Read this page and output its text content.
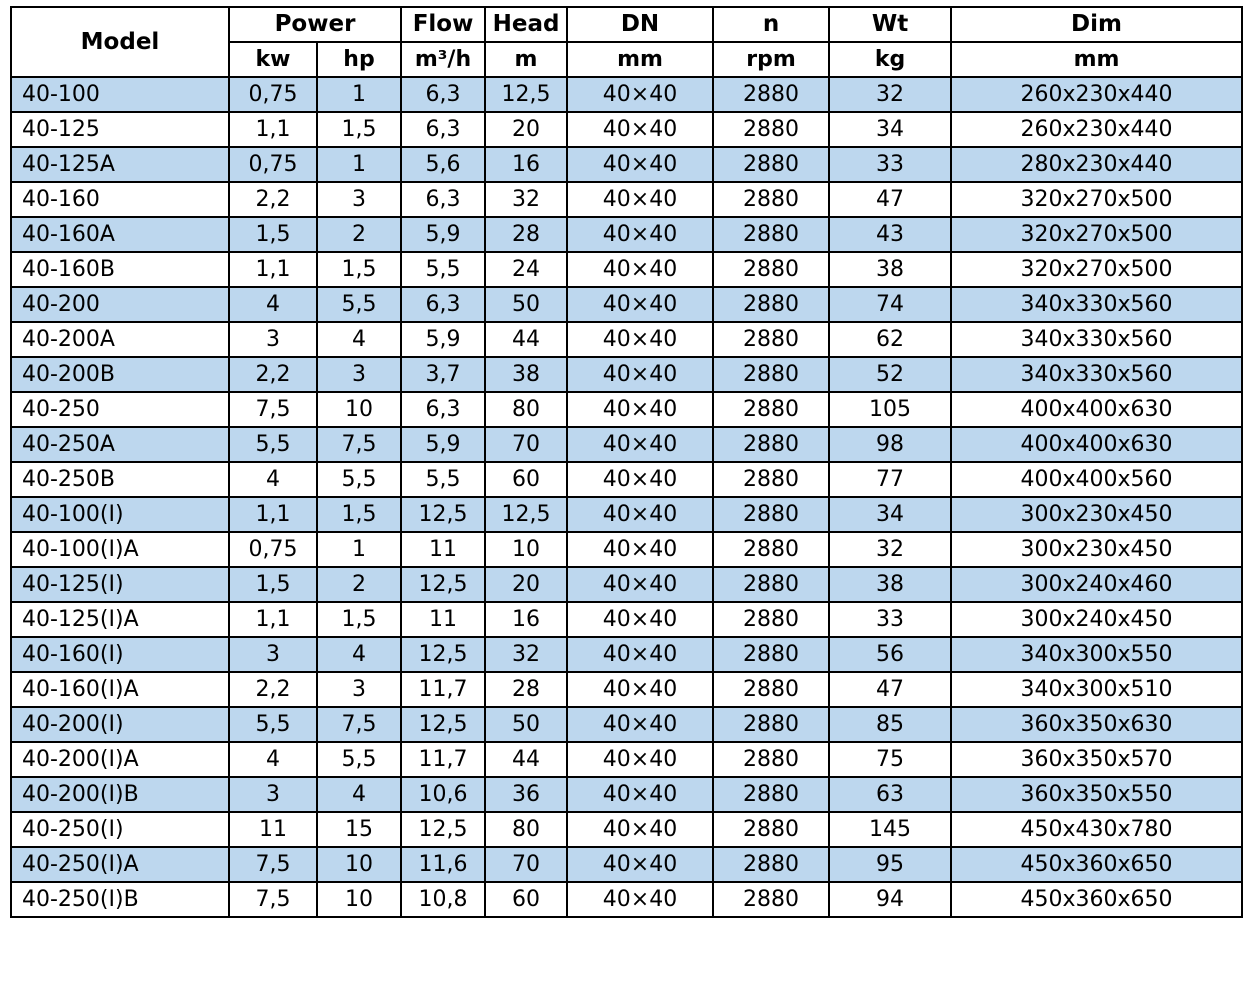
Model	Power		Flow	Head	DN	n	Wt	Dim
	kw	hp	m³/h	m	mm	rpm	kg	mm
40-100	0,75	1	6,3	12,5	40×40	2880	32	260x230x440
40-125	1,1	1,5	6,3	20	40×40	2880	34	260x230x440
40-125A	0,75	1	5,6	16	40×40	2880	33	280x230x440
40-160	2,2	3	6,3	32	40×40	2880	47	320x270x500
40-160A	1,5	2	5,9	28	40×40	2880	43	320x270x500
40-160B	1,1	1,5	5,5	24	40×40	2880	38	320x270x500
40-200	4	5,5	6,3	50	40×40	2880	74	340x330x560
40-200A	3	4	5,9	44	40×40	2880	62	340x330x560
40-200B	2,2	3	3,7	38	40×40	2880	52	340x330x560
40-250	7,5	10	6,3	80	40×40	2880	105	400x400x630
40-250A	5,5	7,5	5,9	70	40×40	2880	98	400x400x630
40-250B	4	5,5	5,5	60	40×40	2880	77	400x400x560
40-100(I)	1,1	1,5	12,5	12,5	40×40	2880	34	300x230x450
40-100(I)A	0,75	1	11	10	40×40	2880	32	300x230x450
40-125(I)	1,5	2	12,5	20	40×40	2880	38	300x240x460
40-125(I)A	1,1	1,5	11	16	40×40	2880	33	300x240x450
40-160(I)	3	4	12,5	32	40×40	2880	56	340x300x550
40-160(I)A	2,2	3	11,7	28	40×40	2880	47	340x300x510
40-200(I)	5,5	7,5	12,5	50	40×40	2880	85	360x350x630
40-200(I)A	4	5,5	11,7	44	40×40	2880	75	360x350x570
40-200(I)B	3	4	10,6	36	40×40	2880	63	360x350x550
40-250(I)	11	15	12,5	80	40×40	2880	145	450x430x780
40-250(I)A	7,5	10	11,6	70	40×40	2880	95	450x360x650
40-250(I)B	7,5	10	10,8	60	40×40	2880	94	450x360x650
